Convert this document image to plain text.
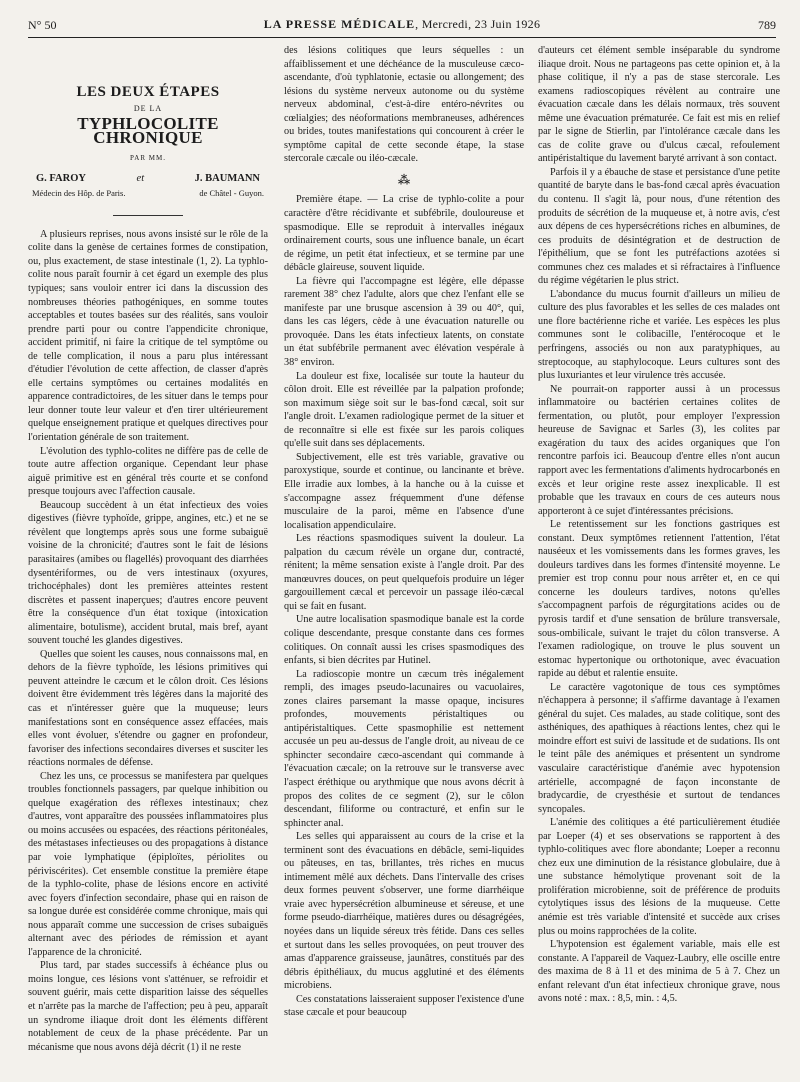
N° 50	LA PRESSE MÉDICALE, Mercredi, 23 Juin 1926	789
LES DEUX ÉTAPES
DE LA
TYPHLOCOLITE CHRONIQUE
PAR MM.
G. FAROY	et	J. BAUMANN
Médecin des Hôp. de Paris.	de Châtel - Guyon.

A plusieurs reprises, nous avons insisté sur le rôle de la colite dans la genèse de certaines formes de constipation, ou, plus exactement, de stase intestinale (1, 2). La typhlo-colite nous paraît fournir à cet égard un exemple des plus typiques; sans vouloir entrer ici dans la discussion des nombreuses théories pathogéniques, en somme toutes acceptables et toutes basées sur des réalités, sans vouloir prendre parti pour ou contre l'appendicite chronique, accident primitif, ni faire la critique de tel symptôme ou de telle complication, il nous a paru plus intéressant d'étudier l'évolution de cette affection, de classer d'après elle certains symptômes ou certaines modalités en apparence contradictoires, de les situer dans le temps pour leur donner toute leur valeur et d'en tirer ultérieurement quelque enseignement pratique et quelques directives pour l'orientation générale de son traitement.

L'évolution des typhlo-colites ne diffère pas de celle de toute autre affection organique. Cependant leur phase aiguë primitive est en général très courte et se confond presque toujours avec l'affection causale.

Beaucoup succèdent à un état infectieux des voies digestives (fièvre typhoïde, grippe, angines, etc.) et ne se révèlent que longtemps après sous une forme subaiguë voisine de la chronicité; d'autres sont le fait de lésions parasitaires (amibes ou flagellés) provoquant des diarrhées dysentériformes, ou de vers intestinaux (oxyures, trichocéphales) dont les premières atteintes restent discrètes et passent inaperçues; d'autres encore peuvent être la conséquence d'un état toxique (intoxication alimentaire, botulisme), accident brutal, mais bref, ayant souvent touché les glandes digestives.

Quelles que soient les causes, nous connaissons mal, en dehors de la fièvre typhoïde, les lésions primitives qui peuvent atteindre le cæcum et le côlon droit. Ces lésions doivent être évidemment très légères dans la majorité des cas et n'intéresser guère que la muqueuse; leurs manifestations sont en conséquence assez effacées, mais elles vont évoluer, s'étendre ou gagner en profondeur, favoriser des infections secondaires diverses et susciter les réactions normales de défense.

Chez les uns, ce processus se manifestera par quelques troubles fonctionnels passagers, par quelque inhibition ou quelque exagération des réflexes intestinaux; chez d'autres, vont apparaître des poussées inflammatoires plus ou moins accusées ou espacées, des réactions péritonéales, des métastases infectieuses ou des propagations à distance par voie lymphatique (épiploïtes, périolites ou périviscérites). Cet ensemble constitue la première étape de la typhlo-colite, phase de lésions encore en activité avec foyers d'infection secondaire, phase qui en raison de sa longue durée est considérée comme chronique, mais qui nous apparaît comme une succession de crises subaiguës alternant avec des périodes de rémission et ayant l'apparence de la chronicité.

Plus tard, par stades successifs à échéance plus ou moins longue, ces lésions vont s'atténuer, se refroidir et souvent guérir, mais cette disparition laisse des séquelles et n'arrête pas la marche de l'affection; peu à peu, apparaît un syndrome iliaque droit dont les éléments diffèrent notablement de ceux de la phase précédente. Par un mécanisme que nous avons déjà décrit (1) il ne reste

des lésions colitiques que leurs séquelles : un affaiblissement et une déchéance de la musculeuse cæco-ascendante, d'où typhlatonie, ectasie ou allongement; des lésions du système nerveux autonome ou du système nerveux abdominal, c'est-à-dire entéro-névrites ou cœlialgies; des néoformations membraneuses, adhérences ou brides, toutes manifestations qui concourent à créer le symptôme capital de cette seconde étape, la stase stercorale cæcale ou iléo-cæcale.

⁂

Première étape. — La crise de typhlo-colite a pour caractère d'être récidivante et subfébrile, douloureuse et spasmodique. Elle se reproduit à intervalles inégaux ordinairement courts, sous une influence banale, un écart de régime, un petit état infectieux, et se termine par une débâcle glaireuse, souvent liquide.

La fièvre qui l'accompagne est légère, elle dépasse rarement 38° chez l'adulte, alors que chez l'enfant elle se manifeste par une brusque ascension à 39 ou 40°, qui, dans les cas légers, cède à une évacuation naturelle ou provoquée. Dans les états infectieux latents, on constate un état subfébrile permanent avec élévation vespérale à 38° environ.

La douleur est fixe, localisée sur toute la hauteur du côlon droit. Elle est réveillée par la palpation profonde; son maximum siège soit sur le bas-fond cæcal, soit sur l'angle droit. L'examen radiologique permet de la situer et de reconnaître si elle est fixée sur les parois coliques qu'elle suit dans ses déplacements.

Subjectivement, elle est très variable, gravative ou paroxystique, sourde et continue, ou lancinante et brève. Elle irradie aux lombes, à la hanche ou à la cuisse et s'accompagne assez fréquemment d'une défense musculaire de la paroi, même en l'absence d'une localisation appendiculaire.

Les réactions spasmodiques suivent la douleur. La palpation du cæcum révèle un organe dur, contracté, rénitent; la même sensation existe à l'angle droit. Par des manœuvres douces, on peut quelquefois produire un léger gargouillement cæcal et percevoir un passage iléo-cæcal qui se fait en fusant.

Une autre localisation spasmodique banale est la corde colique descendante, presque constante dans ces formes colitiques. On connaît aussi les crises spasmodiques des enfants, si bien décrites par Hutinel.

La radioscopie montre un cæcum très inégalement rempli, des images pseudo-lacunaires ou vacuolaires, zones claires parsemant la masse opaque, incisures profondes, mouvements péristaltiques ou antipéristaltiques. Cette spasmophilie est nettement accusée un peu au-dessus de l'angle droit, au niveau de ce sphincter secondaire cæco-ascendant qui commande à l'évacuation cæcale; on la retrouve sur le transverse avec l'aspect éréthique ou arythmique que nous avons décrit à propos des colites de ce segment (2), sur le côlon descendant, filiforme ou contracturé, et enfin sur le sphincter anal.

Les selles qui apparaissent au cours de la crise et la terminent sont des évacuations en débâcle, semi-liquides ou pâteuses, en tas, brillantes, très riches en mucus intimement mêlé aux déchets. Dans l'intervalle des crises deux formes peuvent s'observer, une forme diarrhéique vraie avec hypersécrétion albumineuse et séreuse, et une forme pseudo-diarrhéique, matières dures ou désagrégées, noyées dans un liquide séreux très fétide. Dans ces selles et surtout dans les selles provoquées, on peut trouver des amas d'apparence graisseuse, jaunâtres, constitués par des débris épithéliaux, du mucus agglutiné et des éléments microbiens.

Ces constatations laisseraient supposer l'existence d'une stase cæcale et pour beaucoup

d'auteurs cet élément semble inséparable du syndrome iliaque droit. Nous ne partageons pas cette opinion et, à la phase colitique, il n'y a pas de stase stercorale. Les examens radioscopiques révèlent au contraire une évacuation cæcale dans les délais normaux, très souvent même une évacuation prématurée. Ce fait est mis en relief par le signe de Stierlin, par l'intolérance cæcale dans les cas de colite grave ou d'ulcus cæcal, refoulement antipéristaltique du lavement baryté arrivant à son contact.

Parfois il y a ébauche de stase et persistance d'une petite quantité de baryte dans le bas-fond cæcal après évacuation du contenu. Il s'agit là, pour nous, d'une rétention des produits de sécrétion de la muqueuse et, à notre avis, c'est aux dépens de ces hypersécrétions riches en albumines, de ces produits de désintégration et de destruction de l'épithélium, que se font les putréfactions azotées si communes chez ces malades et si réfractaires à l'influence du régime végétarien le plus strict.

L'abondance du mucus fournit d'ailleurs un milieu de culture des plus favorables et les selles de ces malades ont une flore bactérienne riche et variée. Les espèces les plus communes sont le colibacille, l'entérocoque et le perfringens, associés ou non aux paratyphiques, au streptocoque, au staphylocoque. Leurs cultures sont des plus luxuriantes et leur virulence très accusée.

Ne pourrait-on rapporter aussi à un processus inflammatoire ou bactérien certaines colites de fermentation, ou plutôt, pour employer l'expression heureuse de Savignac et Sarles (3), les colites par exagération du taux des acides organiques que l'on rencontre parfois ici. Beaucoup d'entre elles n'ont aucun rapport avec les fermentations d'aliments hydrocarbonés en excès et leur origine reste assez inexplicable. Il est probable que les travaux en cours de ces auteurs nous apporteront à ce sujet d'intéressantes précisions.

Le retentissement sur les fonctions gastriques est constant. Deux symptômes retiennent l'attention, l'état nauséeux et les vomissements dans les formes graves, les douleurs tardives dans les formes d'intensité moyenne. Le premier est trop connu pour nous arrêter et, en ce qui concerne les douleurs tardives, notons qu'elles s'accompagnent parfois de régurgitations acides ou de pyrosis tardif et d'une sensation de brûlure transversale, sous-ombilicale, suivant le trajet du côlon transverse. A l'examen radiologique, on trouve le plus souvent un estomac hypertonique ou orthotonique, avec évacuation rapide au début et ralentie ensuite.

Le caractère vagotonique de tous ces symptômes n'échappera à personne; il s'affirme davantage à l'examen général du sujet. Ces malades, au stade colitique, sont des asthéniques, des apathiques à réactions lentes, chez qui le moindre effort est suivi de lassitude et de sudations. Ils ont le teint pâle des anémiques et présentent un syndrome vasculaire caractéristique d'anémie avec hypotension artérielle, accompagné de façon inconstante de bradycardie, de cryesthésie et surtout de tendances syncopales.

L'anémie des colitiques a été particulièrement étudiée par Loeper (4) et ses observations se rapportent à des typhlo-colitiques avec flore abondante; Loeper a reconnu chez eux une diminution de la résistance globulaire, due à une substance hémolytique provenant soit de la prolifération microbienne, soit de préférence de produits cytolytiques issus des lésions de la muqueuse. Cette anémie est très variable d'intensité et succède aux crises plus ou moins rapprochées de la colite.

L'hypotension est également variable, mais elle est constante. A l'appareil de Vaquez-Laubry, elle oscille entre des maxima de 8 à 11 et des minima de 5 à 7. Chez un enfant relevant d'un état infectieux chronique grave, nous avons noté : max. : 8,5, min. : 4,5.
